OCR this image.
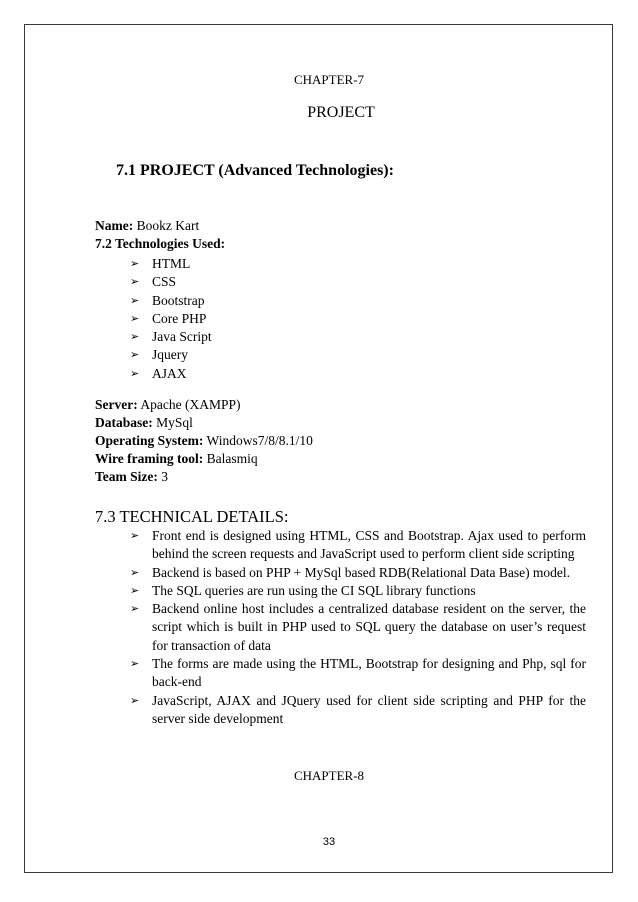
CHAPTER-7
PROJECT
7.1 PROJECT (Advanced Technologies):
Name: Bookz Kart
7.2 Technologies Used:
➢ HTML
➢ CSS
➢ Bootstrap
➢ Core PHP
➢ Java Script
➢ Jquery
➢ AJAX
Server: Apache (XAMPP)
Database: MySql
Operating System: Windows7/8/8.1/10
Wire framing tool: Balasmiq
Team Size: 3
7.3 TECHNICAL DETAILS:
➢ Front end is designed using HTML, CSS and Bootstrap. Ajax used to perform behind the screen requests and JavaScript used to perform client side scripting
➢ Backend is based on PHP + MySql based RDB(Relational Data Base) model.
➢ The SQL queries are run using the CI SQL library functions
➢ Backend online host includes a centralized database resident on the server, the script which is built in PHP used to SQL query the database on user’s request for transaction of data
➢ The forms are made using the HTML, Bootstrap for designing and Php, sql for back-end
➢ JavaScript, AJAX and JQuery used for client side scripting and PHP for the server side development
CHAPTER-8
33
